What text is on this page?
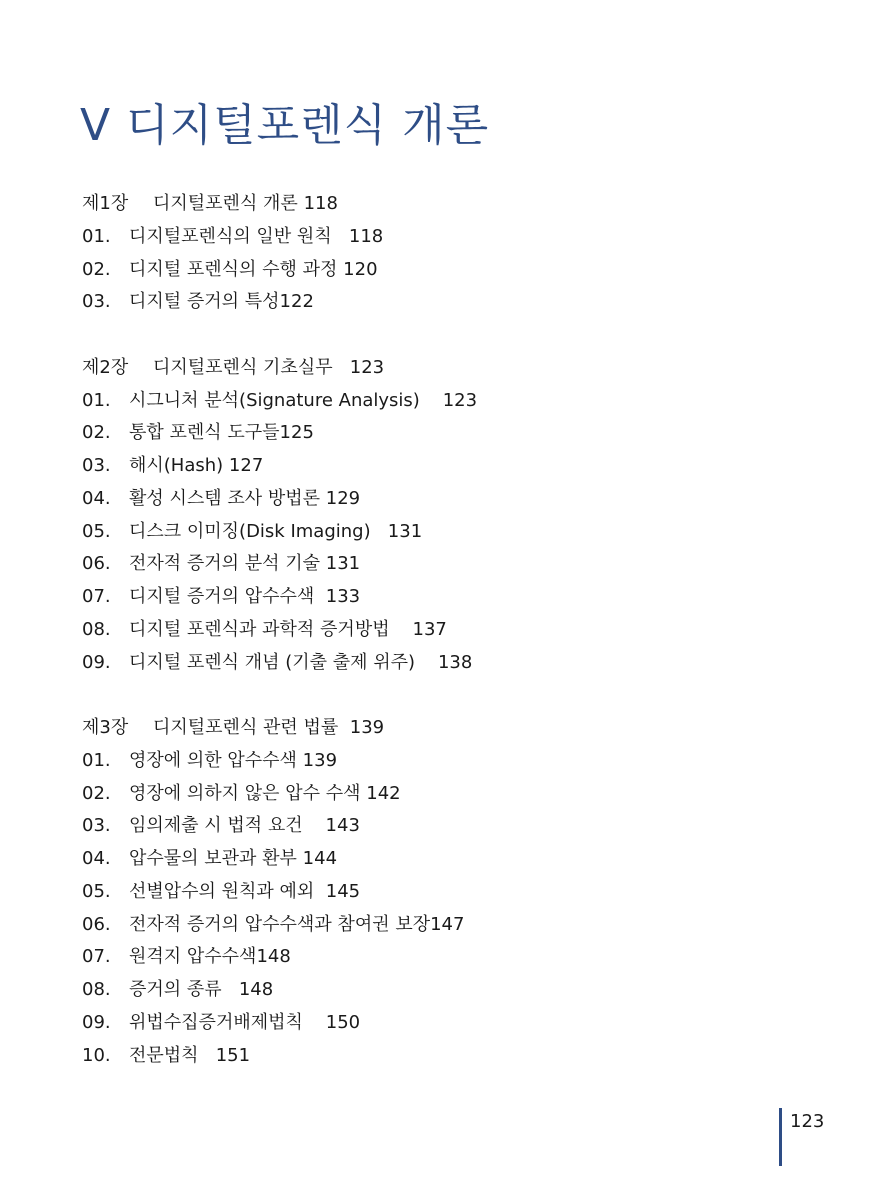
V 디지털포렌식 개론
제1장 디지털포렌식 개론 118
01. 디지털포렌식의 일반 원칙 118
02. 디지털 포렌식의 수행 과정 120
03. 디지털 증거의 특성122
제2장 디지털포렌식 기초실무 123
01. 시그니처 분석(Signature Analysis) 123
02. 통합 포렌식 도구들125
03. 해시(Hash) 127
04. 활성 시스템 조사 방법론 129
05. 디스크 이미징(Disk Imaging) 131
06. 전자적 증거의 분석 기술 131
07. 디지털 증거의 압수수색 133
08. 디지털 포렌식과 과학적 증거방법 137
09. 디지털 포렌식 개념 (기출 출제 위주) 138
제3장 디지털포렌식 관련 법률 139
01. 영장에 의한 압수수색 139
02. 영장에 의하지 않은 압수 수색 142
03. 임의제출 시 법적 요건 143
04. 압수물의 보관과 환부 144
05. 선별압수의 원칙과 예외 145
06. 전자적 증거의 압수수색과 참여권 보장147
07. 원격지 압수수색148
08. 증거의 종류 148
09. 위법수집증거배제법칙 150
10. 전문법칙 151
123
